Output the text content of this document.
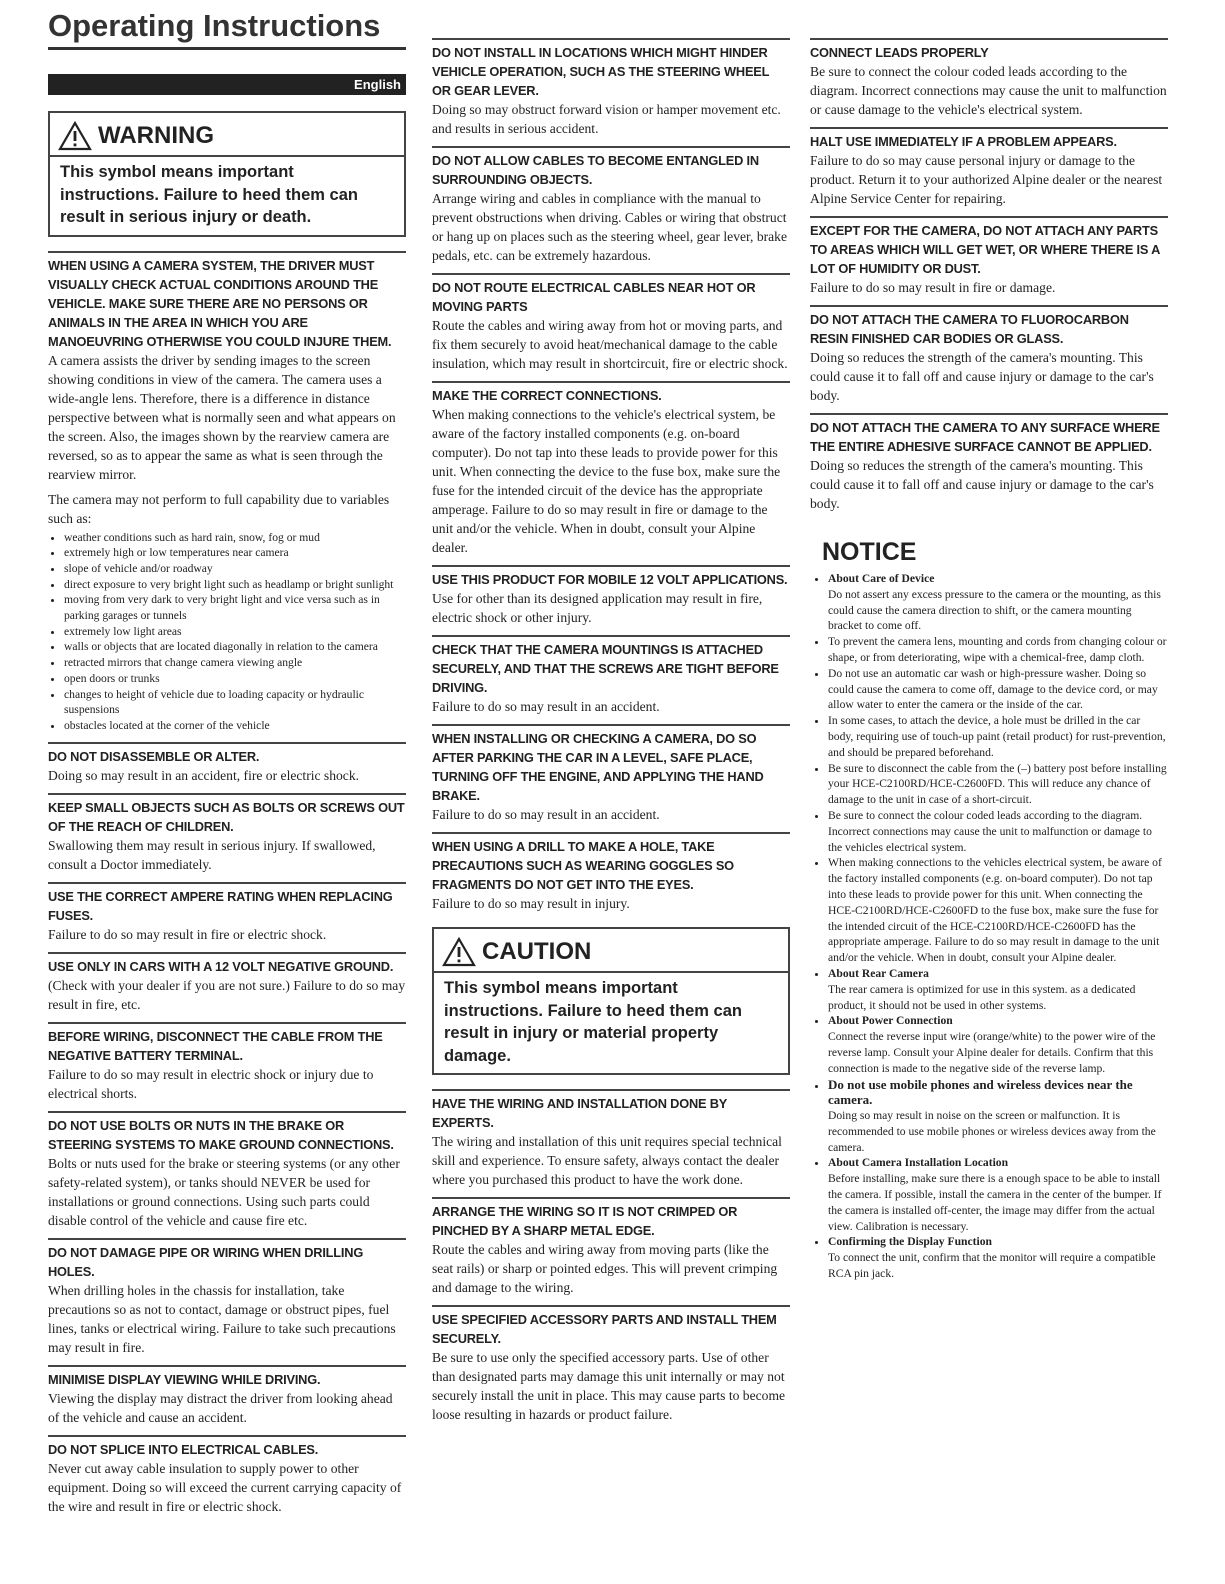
Operating Instructions
English
WARNING
This symbol means important instructions. Failure to heed them can result in serious injury or death.
WHEN USING A CAMERA SYSTEM, THE DRIVER MUST VISUALLY CHECK ACTUAL CONDITIONS AROUND THE VEHICLE. MAKE SURE THERE ARE NO PERSONS OR ANIMALS IN THE AREA IN WHICH YOU ARE MANOEUVRING OTHERWISE YOU COULD INJURE THEM.

A camera assists the driver by sending images to the screen showing conditions in view of the camera. The camera uses a wide-angle lens. Therefore, there is a difference in distance perspective between what is normally seen and what appears on the screen. Also, the images shown by the rearview camera are reversed, so as to appear the same as what is seen through the rearview mirror.

The camera may not perform to full capability due to variables such as:

• weather conditions such as hard rain, snow, fog or mud
• extremely high or low temperatures near camera
• slope of vehicle and/or roadway
• direct exposure to very bright light such as headlamp or bright sunlight
• moving from very dark to very bright light and vice versa such as in parking garages or tunnels
• extremely low light areas
• walls or objects that are located diagonally in relation to the camera
• retracted mirrors that change camera viewing angle
• open doors or trunks
• changes to height of vehicle due to loading capacity or hydraulic suspensions
• obstacles located at the corner of the vehicle
DO NOT DISASSEMBLE OR ALTER.

Doing so may result in an accident, fire or electric shock.

KEEP SMALL OBJECTS SUCH AS BOLTS OR SCREWS OUT OF THE REACH OF CHILDREN.

Swallowing them may result in serious injury. If swallowed, consult a Doctor immediately.

USE THE CORRECT AMPERE RATING WHEN REPLACING FUSES.

Failure to do so may result in fire or electric shock.

USE ONLY IN CARS WITH A 12 VOLT NEGATIVE GROUND.

(Check with your dealer if you are not sure.) Failure to do so may result in fire, etc.

BEFORE WIRING, DISCONNECT THE CABLE FROM THE NEGATIVE BATTERY TERMINAL.

Failure to do so may result in electric shock or injury due to electrical shorts.

DO NOT USE BOLTS OR NUTS IN THE BRAKE OR STEERING SYSTEMS TO MAKE GROUND CONNECTIONS.

Bolts or nuts used for the brake or steering systems (or any other safety-related system), or tanks should NEVER be used for installations or ground connections. Using such parts could disable control of the vehicle and cause fire etc.

DO NOT DAMAGE PIPE OR WIRING WHEN DRILLING HOLES.

When drilling holes in the chassis for installation, take precautions so as not to contact, damage or obstruct pipes, fuel lines, tanks or electrical wiring. Failure to take such precautions may result in fire.

MINIMISE DISPLAY VIEWING WHILE DRIVING.

Viewing the display may distract the driver from looking ahead of the vehicle and cause an accident.

DO NOT SPLICE INTO ELECTRICAL CABLES.

Never cut away cable insulation to supply power to other equipment. Doing so will exceed the current carrying capacity of the wire and result in fire or electric shock.

DO NOT INSTALL IN LOCATIONS WHICH MIGHT HINDER VEHICLE OPERATION, SUCH AS THE STEERING WHEEL OR GEAR LEVER.

Doing so may obstruct forward vision or hamper movement etc. and results in serious accident.

DO NOT ALLOW CABLES TO BECOME ENTANGLED IN SURROUNDING OBJECTS.

Arrange wiring and cables in compliance with the manual to prevent obstructions when driving. Cables or wiring that obstruct or hang up on places such as the steering wheel, gear lever, brake pedals, etc. can be extremely hazardous.

DO NOT ROUTE ELECTRICAL CABLES NEAR HOT OR MOVING PARTS

Route the cables and wiring away from hot or moving parts, and fix them securely to avoid heat/mechanical damage to the cable insulation, which may result in shortcircuit, fire or electric shock.

MAKE THE CORRECT CONNECTIONS.

When making connections to the vehicle's electrical system, be aware of the factory installed components (e.g. on-board computer). Do not tap into these leads to provide power for this unit. When connecting the device to the fuse box, make sure the fuse for the intended circuit of the device has the appropriate amperage. Failure to do so may result in fire or damage to the unit and/or the vehicle. When in doubt, consult your Alpine dealer.

USE THIS PRODUCT FOR MOBILE 12 VOLT APPLICATIONS.

Use for other than its designed application may result in fire, electric shock or other injury.

CHECK THAT THE CAMERA MOUNTINGS IS ATTACHED SECURELY, AND THAT THE SCREWS ARE TIGHT BEFORE DRIVING.

Failure to do so may result in an accident.

WHEN INSTALLING OR CHECKING A CAMERA, DO SO AFTER PARKING THE CAR IN A LEVEL, SAFE PLACE, TURNING OFF THE ENGINE, AND APPLYING THE HAND BRAKE.

Failure to do so may result in an accident.

WHEN USING A DRILL TO MAKE A HOLE, TAKE PRECAUTIONS SUCH AS WEARING GOGGLES SO FRAGMENTS DO NOT GET INTO THE EYES.

Failure to do so may result in injury.

CAUTION
This symbol means important instructions. Failure to heed them can result in injury or material property damage.
HAVE THE WIRING AND INSTALLATION DONE BY EXPERTS.

The wiring and installation of this unit requires special technical skill and experience. To ensure safety, always contact the dealer where you purchased this product to have the work done.

ARRANGE THE WIRING SO IT IS NOT CRIMPED OR PINCHED BY A SHARP METAL EDGE.

Route the cables and wiring away from moving parts (like the seat rails) or sharp or pointed edges. This will prevent crimping and damage to the wiring.

USE SPECIFIED ACCESSORY PARTS AND INSTALL THEM SECURELY.

Be sure to use only the specified accessory parts. Use of other than designated parts may damage this unit internally or may not securely install the unit in place. This may cause parts to become loose resulting in hazards or product failure.

CONNECT LEADS PROPERLY

Be sure to connect the colour coded leads according to the diagram. Incorrect connections may cause the unit to malfunction or cause damage to the vehicle's electrical system.

HALT USE IMMEDIATELY IF A PROBLEM APPEARS.

Failure to do so may cause personal injury or damage to the product. Return it to your authorized Alpine dealer or the nearest Alpine Service Center for repairing.

EXCEPT FOR THE CAMERA, DO NOT ATTACH ANY PARTS TO AREAS WHICH WILL GET WET, OR WHERE THERE IS A LOT OF HUMIDITY OR DUST.

Failure to do so may result in fire or damage.

DO NOT ATTACH THE CAMERA TO FLUOROCARBON RESIN FINISHED CAR BODIES OR GLASS.

Doing so reduces the strength of the camera's mounting. This could cause it to fall off and cause injury or damage to the car's body.

DO NOT ATTACH THE CAMERA TO ANY SURFACE WHERE THE ENTIRE ADHESIVE SURFACE CANNOT BE APPLIED.

Doing so reduces the strength of the camera's mounting. This could cause it to fall off and cause injury or damage to the car's body.

NOTICE
• About Care of Device
Do not assert any excess pressure to the camera or the mounting, as this could cause the camera direction to shift, or the camera mounting bracket to come off.
• To prevent the camera lens, mounting and cords from changing colour or shape, or from deteriorating, wipe with a chemical-free, damp cloth.
• Do not use an automatic car wash or high-pressure washer. Doing so could cause the camera to come off, damage to the device cord, or may allow water to enter the camera or the inside of the car.
• In some cases, to attach the device, a hole must be drilled in the car body, requiring use of touch-up paint (retail product) for rust-prevention, and should be prepared beforehand.
• Be sure to disconnect the cable from the (–) battery post before installing your HCE-C2100RD/HCE-C2600FD. This will reduce any chance of damage to the unit in case of a short-circuit.
• Be sure to connect the colour coded leads according to the diagram. Incorrect connections may cause the unit to malfunction or damage to the vehicles electrical system.
• When making connections to the vehicles electrical system, be aware of the factory installed components (e.g. on-board computer). Do not tap into these leads to provide power for this unit. When connecting the HCE-C2100RD/HCE-C2600FD to the fuse box, make sure the fuse for the intended circuit of the HCE-C2100RD/HCE-C2600FD has the appropriate amperage. Failure to do so may result in damage to the unit and/or the vehicle. When in doubt, consult your Alpine dealer.
• About Rear Camera
The rear camera is optimized for use in this system. as a dedicated product, it should not be used in other systems.
• About Power Connection
Connect the reverse input wire (orange/white) to the power wire of the reverse lamp. Consult your Alpine dealer for details. Confirm that this connection is made to the negative side of the reverse lamp.
• Do not use mobile phones and wireless devices near the camera.
Doing so may result in noise on the screen or malfunction. It is recommended to use mobile phones or wireless devices away from the camera.
• About Camera Installation Location
Before installing, make sure there is a enough space to be able to install the camera. If possible, install the camera in the center of the bumper. If the camera is installed off-center, the image may differ from the actual view. Calibration is necessary.
• Confirming the Display Function
To connect the unit, confirm that the monitor will require a compatible RCA pin jack.
